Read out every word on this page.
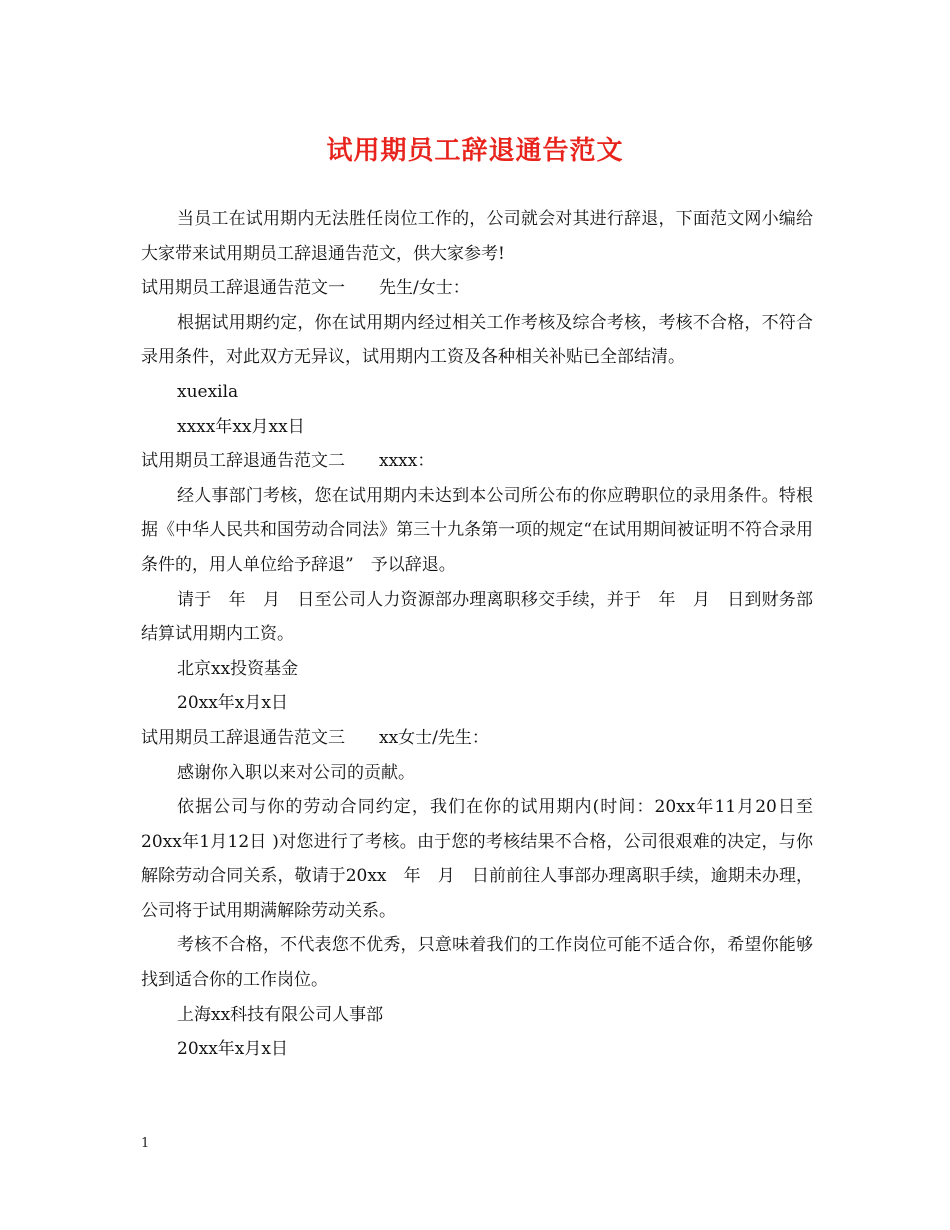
试用期员工辞退通告范文

当员工在试用期内无法胜任岗位工作的，公司就会对其进行辞退，下面范文网小编给大家带来试用期员工辞退通告范文，供大家参考!

试用期员工辞退通告范文一　　先生/女士：

根据试用期约定，你在试用期内经过相关工作考核及综合考核，考核不合格，不符合录用条件，对此双方无异议，试用期内工资及各种相关补贴已全部结清。

xuexila

xxxx年xx月xx日

试用期员工辞退通告范文二　　xxxx：

经人事部门考核，您在试用期内未达到本公司所公布的你应聘职位的录用条件。特根据《中华人民共和国劳动合同法》第三十九条第一项的规定“在试用期间被证明不符合录用条件的，用人单位给予辞退”　予以辞退。

请于　年　月　日至公司人力资源部办理离职移交手续，并于　年　月　日到财务部结算试用期内工资。

北京xx投资基金

20xx年x月x日

试用期员工辞退通告范文三　　xx女士/先生：

感谢你入职以来对公司的贡献。

依据公司与你的劳动合同约定，我们在你的试用期内(时间：20xx年11月20日至20xx年1月12日 )对您进行了考核。由于您的考核结果不合格，公司很艰难的决定，与你解除劳动合同关系，敬请于20xx　年　月　日前前往人事部办理离职手续，逾期未办理，公司将于试用期满解除劳动关系。

考核不合格，不代表您不优秀，只意味着我们的工作岗位可能不适合你，希望你能够找到适合你的工作岗位。

上海xx科技有限公司人事部

20xx年x月x日

1
